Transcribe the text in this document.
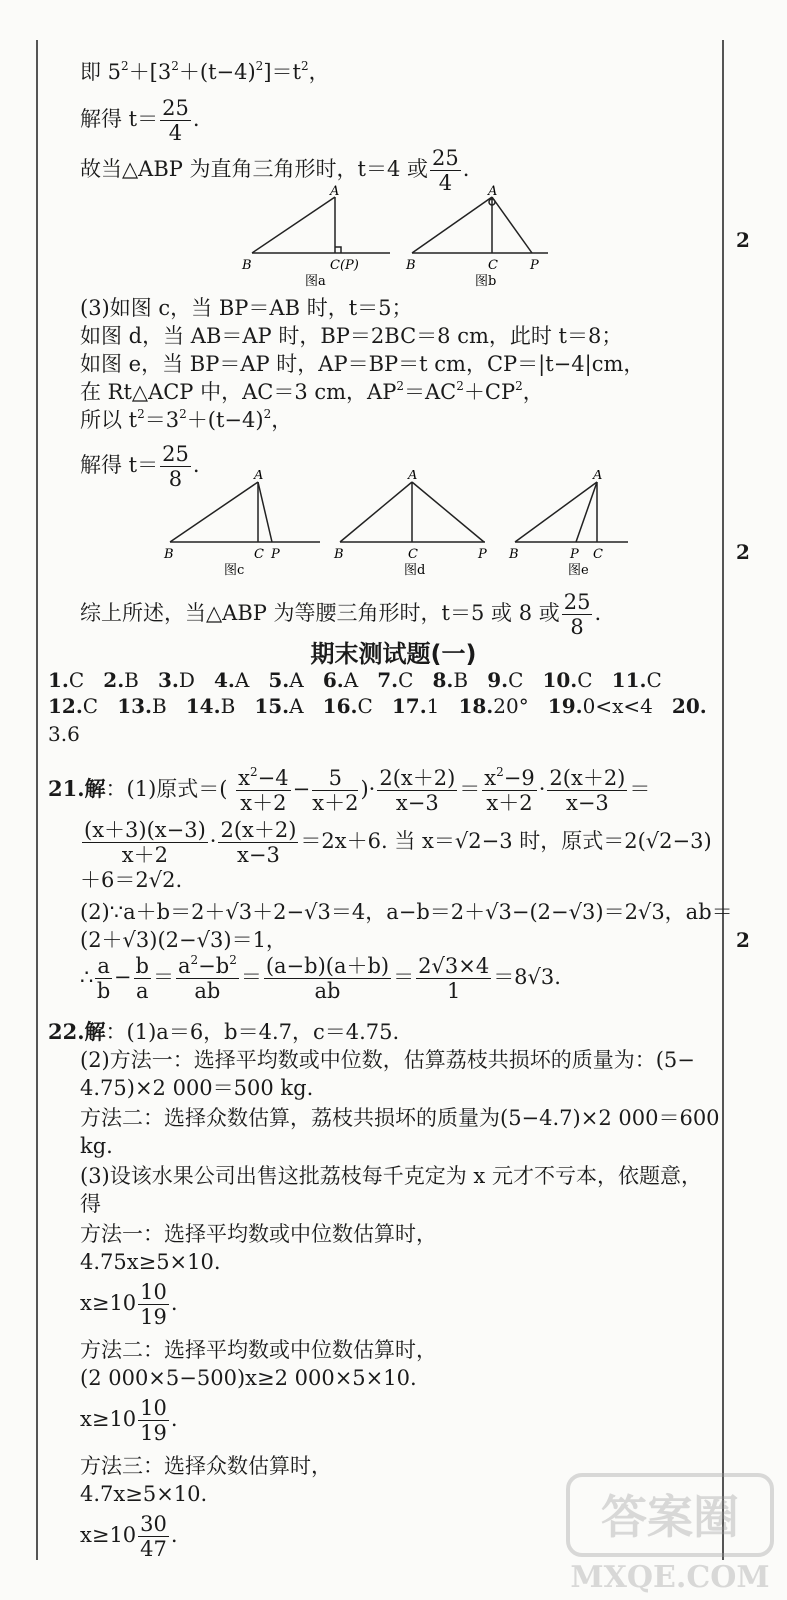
即 $5^2+[3^2+(t-4)^2]=t^2$，
解得 $t= \frac{25}{4}$ .
故当△ABP 为直角三角形时，t＝4 或 $\frac{25}{4}$ .
A
B	C(P)
图a
A
B	C P
图b
(3)如图 c，当 BP＝AB 时，t＝5；
如图 d，当 AB＝AP 时，BP＝2BC＝8 cm，此时 t＝8；
如图 e，当 BP＝AP 时，AP＝BP＝t cm，CP＝|t−4|cm，
在 Rt△ACP 中，AC＝3 cm，$AP^2=AC^2+CP^2$，
所以 $t^2=3^2+(t-4)^2$，
解得 $t= \frac{25}{8}$ .	A
B	C P
图c
A
B	C	P
图d
A
B	P C
图e
综上所述，当△ABP 为等腰三角形时，t＝5 或 8 或 $\frac{25}{8}$ .
期末测试题(一)
1.C 2.B 3.D 4.A 5.A 6.A 7.C 8.B 9.C 10.C 11.C
12.C 13.B 14.B 15.A 16.C 17.1 18.20° 19.0<x<4 20.
3.6
21.解：(1)原式＝( $\frac{x^2-4}{x+2} - \frac{5}{x+2}$ )· $\frac{2(x+2)}{x-3} = \frac{x^2-9}{x+2} \cdot \frac{2(x+2)}{x-3}$ ＝
$\frac{(x+3)(x-3)}{x+2} \cdot \frac{2(x+2)}{x-3} =2x+6$. 当 x＝√2−3 时，原式＝2(√2−3)
＋6＝2√2.
(2)∵a＋b＝2＋√3＋2−√3＝4，a−b＝2＋√3−(2−√3)＝2√3，ab＝
(2＋√3)(2−√3)＝1，
∴ $\frac{a}{b} - \frac{b}{a} = \frac{a^2-b^2}{ab} = \frac{(a-b)(a+b)}{ab} = \frac{2√3\times 4}{1} =8√3$.
22.解：(1)a＝6，b＝4.7，c＝4.75.
(2)方法一：选择平均数或中位数，估算荔枝共损坏的质量为：(5−
4.75)×2 000＝500 kg.
方法二：选择众数估算，荔枝共损坏的质量为(5−4.7)×2 000＝600
kg.
(3)设该水果公司出售这批荔枝每千克定为 x 元才不亏本，依题意，
得
方法一：选择平均数或中位数估算时，
4.75x≥5×10.
$x\ge 10 \frac{10}{19}$ .
方法二：选择平均数或中位数估算时，
(2 000×5−500)x≥2 000×5×10.
$x\ge 10 \frac{10}{19}$ .
方法三：选择众数估算时，
4.7x≥5×10.
$x\ge 10 \frac{30}{47}$ .
2
2
2
答案圈
MXQE.COM
